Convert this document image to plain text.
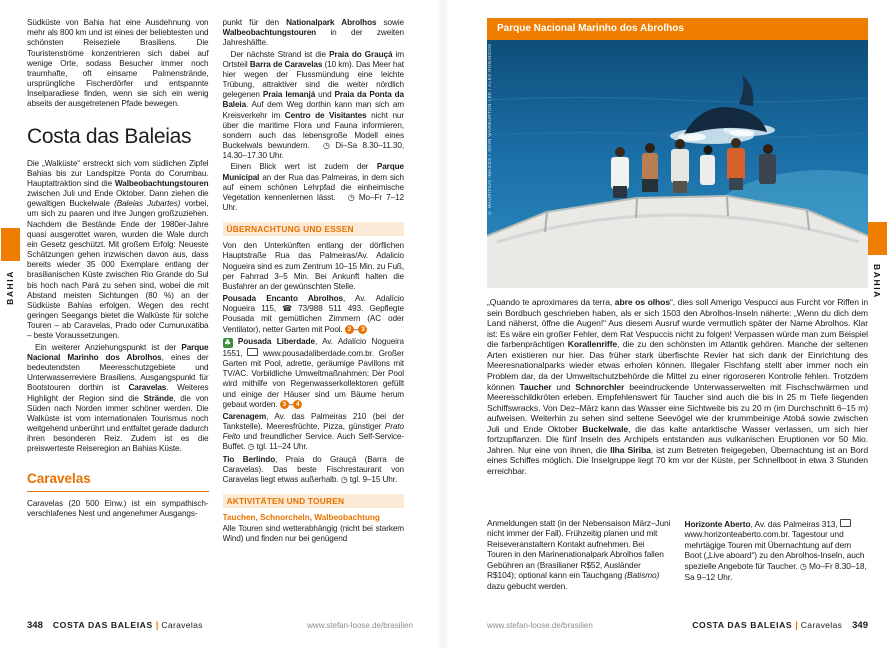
BAHIA

Südküste von Bahia hat eine Ausdehnung von mehr als 800 km und ist eines der beliebtesten und schönsten Reiseziele Brasiliens. Die Touristenströme konzentrieren sich dabei auf wenige Orte, sodass Besucher immer noch traumhafte, oft einsame Palmenstrände, ursprüngliche Fischerdörfer und entspannte Inselparadiese finden, wenn sie sich ein wenig abseits der ausgetretenen Pfade bewegen.

Costa das Baleias

Die „Walküste“ erstreckt sich vom südlichen Zipfel Bahias bis zur Landspitze Ponta do Corumbau. Hauptattraktion sind die Walbeobachtungstouren zwischen Juli und Ende Oktober. Dann ziehen die gewaltigen Buckelwale (Baleias Jubartes) vorbei, um sich zu paaren und ihre Jungen großzuziehen. Nachdem die Bestände Ende der 1980er-Jahre quasi ausgerottet waren, wurden die Wale durch ein Gesetz geschützt. Mit großem Erfolg: Neueste Schätzungen gehen inzwischen davon aus, dass bereits wieder 35 000 Exemplare entlang der brasilianischen Küste zwischen Rio Grande do Sul bis hoch nach Pará zu sehen sind, wobei die mit Abstand meisten Sichtungen (80 %) an der Südküste Bahias erfolgen. Wegen des recht geringen Seegangs bietet die Walküste für solche Touren – ab Caravelas, Prado oder Cumuruxatiba – beste Voraussetzungen.

Ein weiterer Anziehungspunkt ist der Parque Nacional Marinho dos Abrolhos, eines der bedeutendsten Meeresschutzgebiete und Unterwasserreviere Brasiliens. Ausgangspunkt für Bootstouren dorthin ist Caravelas. Weiteres Highlight der Region sind die Strände, die von Süden nach Norden immer schöner werden. Die Walküste ist vom internationalen Tourismus noch weitgehend unberührt und entfaltet gerade dadurch ihren besonderen Reiz. Zudem ist es die preiswerteste Reiseregion an Bahias Küste.

Caravelas

Caravelas (20 500 Einw.) ist ein sympathisch-verschlafenes Nest und angenehmer Ausgangs-

punkt für den Nationalpark Abrolhos sowie Walbeobachtungstouren in der zweiten Jahreshälfte.

Der nächste Strand ist die Praia do Grauçá im Ortsteil Barra de Caravelas (10 km). Das Meer hat hier wegen der Flussmündung eine leichte Trübung, attraktiver sind die weiter nördlich gelegenen Praia Iemanjá und Praia da Ponta da Baleia. Auf dem Weg dorthin kann man sich am Kreisverkehr im Centro de Visitantes nicht nur über die maritime Flora und Fauna informieren, sondern auch das lebensgroße Modell eines Buckelwals bewundern. ◷ Di–Sa 8.30–11.30, 14.30–17.30 Uhr.

Einen Blick wert ist zudem der Parque Municipal an der Rua das Palmeiras, in dem sich auf einem schönen Lehrpfad die einheimische Vegetation kennenlernen lässt. ◷ Mo–Fr 7–12 Uhr.

ÜBERNACHTUNG UND ESSEN

Von den Unterkünften entlang der dörflichen Hauptstraße Rua das Palmeiras/Av. Adalicio Nogueira sind es zum Zentrum 10–15 Min. zu Fuß, per Fahrrad 3–5 Min. Bei Ankunft halten die Busfahrer an der gewünschten Stelle.

Pousada Encanto Abrolhos, Av. Adalício Nogueira 115, ☎ 73/988 511 493. Gepflegte Pousada mit gemütlichen Zimmern (AC oder Ventilator), netter Garten mit Pool. 2 – 3

♣ Pousada Liberdade, Av. Adalício Nogueira 1551,  www.pousadaliberdade.com.br. Großer Garten mit Pool, adrette, geräumige Pavillons mit TV/AC. Vorbildliche Umweltmaßnahmen: Der Pool wird mithilfe von Regenwasserkollektoren gefüllt und einige der Häuser sind um Bäume herum gebaut worden. 3 – 4

Carenagem, Av. das Palmeiras 210 (bei der Tankstelle). Meeresfrüchte, Pizza, günstiger Prato Feito und freundlicher Service. Auch Self-Service-Buffet. ◷ tgl. 11–24 Uhr.

Tio Berlindo, Praia do Grauçá (Barra de Caravelas). Das beste Fischrestaurant von Caravelas liegt etwas außerhalb. ◷ tgl. 9–15 Uhr.

AKTIVITÄTEN UND TOUREN
Tauchen, Schnorcheln, Walbeobachtung

Alle Touren sind wetterabhängig (nicht bei starkem Wind) und finden nur bei genügend

348 COSTA DAS BALEIAS | Caravelas	www.stefan-loose.de/brasilien
Parque Nacional Marinho dos Abrolhos
© MAURITIUS IMAGES / JOHN WARBURTON-LEE / ALEX ROBINSON

„Quando te aproximares da terra, abre os olhos“, dies soll Amerigo Vespucci aus Furcht vor Riffen in sein Bordbuch geschrieben haben, als er sich 1503 den Abrolhos-Inseln näherte: „Wenn du dich dem Land näherst, öffne die Augen!“ Aus diesem Ausruf wurde vermutlich später der Name Abrolhos. Klar ist: Es wäre ein großer Fehler, dem Rat Vespuccis nicht zu folgen! Verpassen würde man zum Beispiel die farbenprächtigen Korallenriffe, die zu den schönsten im Atlantik gehören. Manche der seltenen Arten existieren nur hier. Das früher stark überfischte Revier hat sich dank der Einrichtung des Meeresnationalparks wieder etwas erholen können. Illegaler Fischfang stellt aber immer noch ein Problem dar, da der Umweltschutzbehörde die Mittel zu einer rigoroseren Kontrolle fehlen. Trotzdem können Taucher und Schnorchler beeindruckende Unterwasserwelten mit Fischschwärmen und Meeresschildkröten erleben. Empfehlenswert für Taucher sind auch die bis in 25 m Tiefe liegenden Schiffswracks. Von Dez–März kann das Wasser eine Sichtweite bis zu 20 m (im Durchschnitt 6–15 m) aufweisen. Weiterhin zu sehen sind seltene Seevögel wie der krummbeinige Atobá sowie zwischen Juli und Ende Oktober Buckelwale, die das kalte antarktische Wasser verlassen, um sich hier fortzupflanzen. Die fünf Inseln des Archipels entstanden aus vulkanischen Eruptionen vor 50 Mio. Jahren. Nur eine von ihnen, die Ilha Siriba, ist zum Betreten freigegeben, Übernachtung ist an Bord eines Schiffes möglich. Die Inselgruppe liegt 70 km vor der Küste, per Schnellboot in etwa 3 Stunden erreichbar.

Anmeldungen statt (in der Nebensaison März–Juni nicht immer der Fall). Frühzeitig planen und mit Reiseveranstaltern Kontakt aufnehmen. Bei Touren in den Marinenationalpark Abrolhos fallen Gebühren an (Brasilianer R$52, Ausländer R$104); optional kann ein Tauchgang (Batismo) dazu gebucht werden.

Horizonte Aberto, Av. das Palmeiras 313,  www.horizonteaberto.com.br. Tagestour und mehrtägige Touren mit Übernachtung auf dem Boot („Live aboard“) zu den Abrolhos-Inseln, auch spezielle Angebote für Taucher. ◷ Mo–Fr 8.30–18, Sa 9–12 Uhr.

www.stefan-loose.de/brasilien	COSTA DAS BALEIAS | Caravelas 349
BAHIA
